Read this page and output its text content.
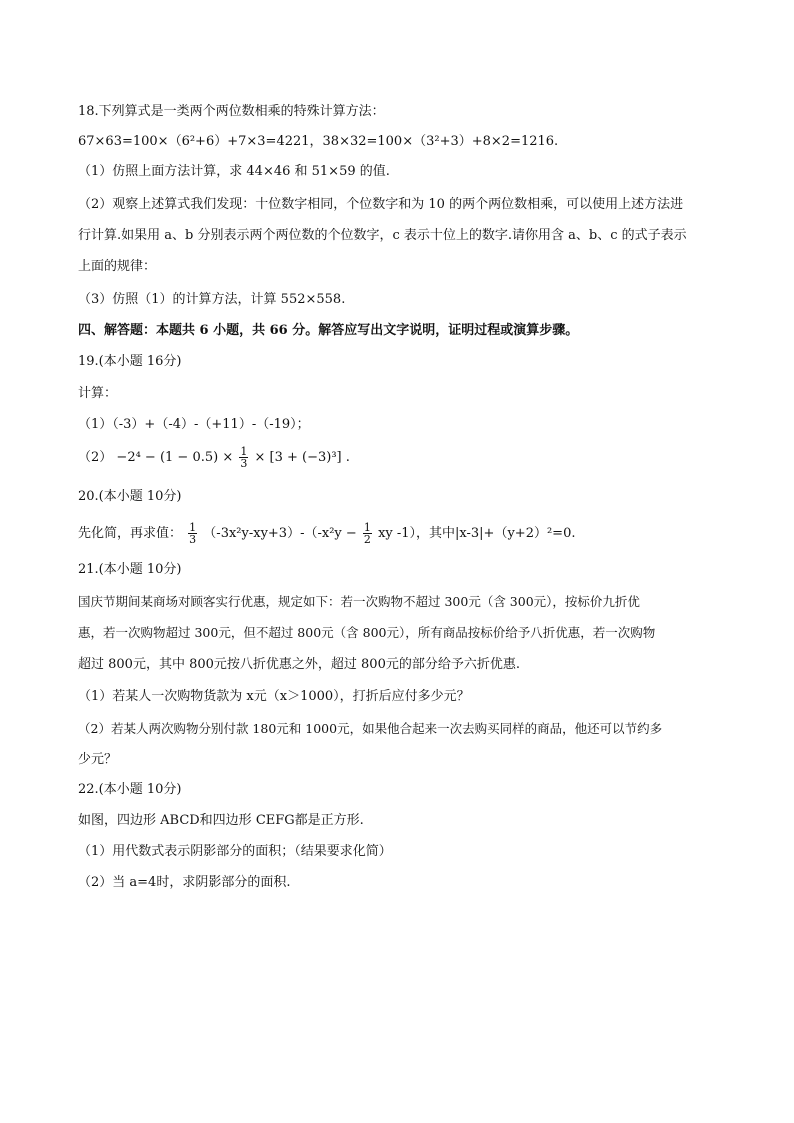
18.下列算式是一类两个两位数相乘的特殊计算方法：
67×63=100×（6²+6）+7×3=4221，38×32=100×（3²+3）+8×2=1216.
（1）仿照上面方法计算，求 44×46 和 51×59 的值.
（2）观察上述算式我们发现：十位数字相同，个位数字和为 10 的两个两位数相乘，可以使用上述方法进
行计算.如果用 a、b 分别表示两个两位数的个位数字，c 表示十位上的数字.请你用含 a、b、c 的式子表示
上面的规律：
（3）仿照（1）的计算方法，计算 552×558.
四、解答题：本题共 6 小题，共 66 分。解答应写出文字说明，证明过程或演算步骤。
19.(本小题 16分)
计算：
（1）（-3）+（-4）-（+11）-（-19）；
$(2) -2^4 - (1 - 0.5) \times \frac{1}{3} \times [3 + (-3)^3]$ .
20.(本小题 10分)
先化简，再求值： $\frac{1}{3} (-3x^2y-xy+3)-(-x^2y - \frac{1}{2}$ xy -1），其中|x-3|+（y+2）²=0.
21.(本小题 10分)
国庆节期间某商场对顾客实行优惠，规定如下：若一次购物不超过 300元（含 300元），按标价九折优
惠，若一次购物超过 300元，但不超过 800元（含 800元），所有商品按标价给予八折优惠，若一次购物
超过 800元，其中 800元按八折优惠之外，超过 800元的部分给予六折优惠.
（1）若某人一次购物货款为 x元（x＞1000），打折后应付多少元？
（2）若某人两次购物分别付款 180元和 1000元，如果他合起来一次去购买同样的商品，他还可以节约多
少元？
22.(本小题 10分)
如图，四边形 ABCD和四边形 CEFG都是正方形.
（1）用代数式表示阴影部分的面积；（结果要求化简）
（2）当 a=4时，求阴影部分的面积.
